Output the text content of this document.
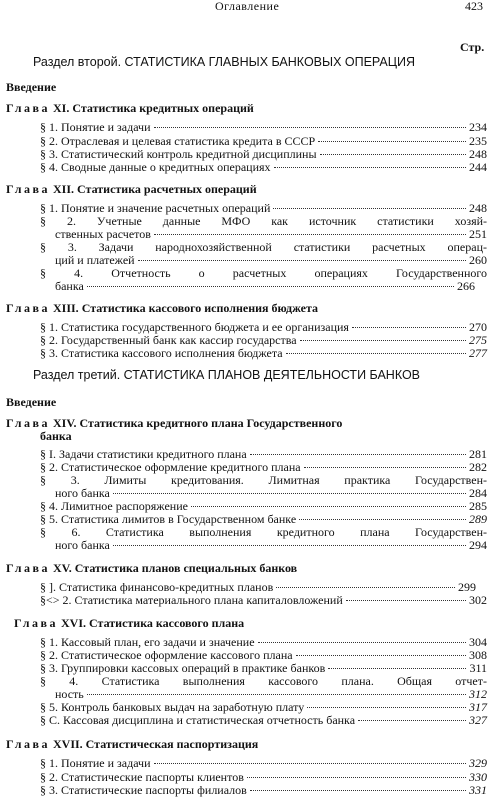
Оглавление	423
Стр.
Раздел второй. СТАТИСТИКА ГЛАВНЫХ БАНКОВЫХ ОПЕРАЦИЯ
Введение
Глава XI. Статистика кредитных операций
§ 1. Понятие и задачи	234
§ 2. Отраслевая и целевая статистика кредита в СССР	235
§ 3. Статистический контроль кредитной дисциплины	248
§ 4. Сводные данные о кредитных операциях	244
Глава XII. Статистика расчетных операций
§ 1. Понятие и значение расчетных операций	248
§ 2. Учетные данные МФО как источник статистики хозяй-
ственных расчетов	251
§ 3. Задачи народнохозяйственной статистики расчетных операц-
ций и платежей	260
§ 4. Отчетность о расчетных операциях Государственного
банка	266
Глава XIII. Статистика кассового исполнения бюджета
§ 1. Статистика государственного бюджета и ее организация	270
§ 2. Государственный банк как кассир государства	275
§ 3. Статистика кассового исполнения бюджета	277
Раздел третий. СТАТИСТИКА ПЛАНОВ ДЕЯТЕЛЬНОСТИ БАНКОВ
Введение
Глава XIV. Статистика кредитного плана Государственного
банка
§ I. Задачи статистики кредитного плана	281
§ 2. Статистическое оформление кредитного плана	282
§ 3. Лимиты кредитования. Лимитная практика Государствен-
ного банка	284
§ 4. Лимитное распоряжение	285
§ 5. Статистика лимитов в Государственном банке	289
§ 6. Статистика выполнения кредитного плана Государствен-
ного банка	294
Глава XV. Статистика планов специальных банков
§ ]. Статистика финансово-кредитных планов	299
§<> 2. Статистика материального плана капиталовложений	302
Глава XVI. Статистика кассового плана
§ 1. Кассовый план, его задачи и значение	304
§ 2. Статистическое оформление кассового плана	308
§ 3. Группировки кассовых операций в практике банков	311
§ 4. Статистика выполнения кассового плана. Общая отчет-
ность	312
§ 5. Контроль банковых выдач на заработную плату	317
§ С. Кассовая дисциплина и статистическая отчетность банка	327
Глава XVII. Статистическая паспортизация
§ 1. Понятие и задачи	329
§ 2. Статистические паспорты клиентов	330
§ 3. Статистические паспорты филиалов	331
